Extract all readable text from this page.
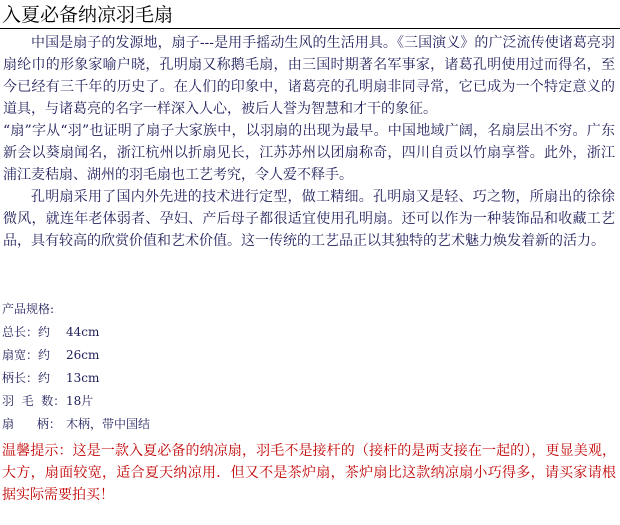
入夏必备纳凉羽毛扇

中国是扇子的发源地，扇子---是用手摇动生风的生活用具。《三国演义》的广泛流传使诸葛亮羽扇纶巾的形象家喻户晓，孔明扇又称鹅毛扇，由三国时期著名军事家，诸葛孔明使用过而得名，至今已经有三千年的历史了。在人们的印象中，诸葛亮的孔明扇非同寻常，它已成为一个特定意义的道具，与诸葛亮的名字一样深入人心，被后人誉为智慧和才干的象征。

“扇”字从“羽”也证明了扇子大家族中，以羽扇的出现为最早。中国地域广阔，名扇层出不穷。广东新会以葵扇闻名，浙江杭州以折扇见长，江苏苏州以团扇称奇，四川自贡以竹扇享誉。此外，浙江浦江麦秸扇、湖州的羽毛扇也工艺考究，令人爱不释手。

孔明扇采用了国内外先进的技术进行定型，做工精细。孔明扇又是轻、巧之物，所扇出的徐徐微风，就连年老体弱者、孕妇、产后母子都很适宜使用孔明扇。还可以作为一种装饰品和收藏工艺品，具有较高的欣赏价值和艺术价值。这一传统的工艺品正以其独特的艺术魅力焕发着新的活力。

产品规格:
总长：约 44cm
扇宽：约 26cm
柄长：约 13cm
羽  毛  数：18片
扇      柄： 木柄，带中国结

温馨提示：这是一款入夏必备的纳凉扇，羽毛不是接杆的（接杆的是两支接在一起的），更显美观，大方，扇面较宽，适合夏天纳凉用．但又不是茶炉扇，茶炉扇比这款纳凉扇小巧得多，请买家请根据实际需要拍买！
